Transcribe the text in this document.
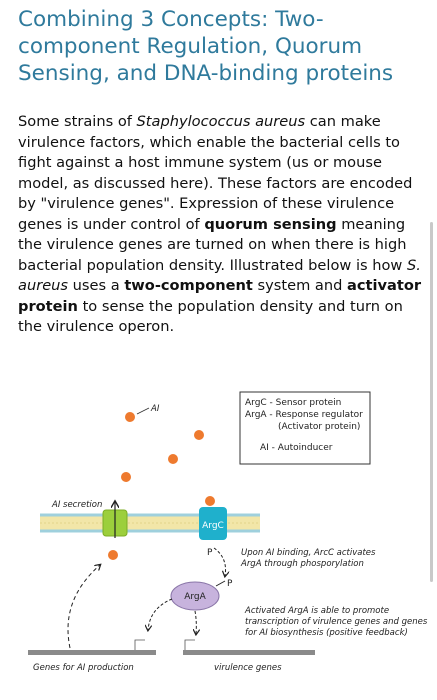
Combining 3 Concepts: Two-component Regulation, Quorum Sensing, and DNA-binding proteins

Some strains of Staphylococcus aureus can make virulence factors, which enable the bacterial cells to fight against a host immune system (us or mouse model, as discussed here). These factors are encoded by "virulence genes". Expression of these virulence genes is under control of quorum sensing meaning the virulence genes are turned on when there is high bacterial population density. Illustrated below is how S. aureus uses a two-component system and activator protein to sense the population density and turn on the virulence operon.

ArgC - Sensor protein
ArgA - Response regulator
(Activator protein)
AI - Autoinducer
AI
AI secretion
ArgC
P	Upon AI binding, ArcC activates
ArgA through phosporylation
ArgA
P
Activated ArgA is able to promote
transcription of virulence genes and genes
for AI biosynthesis (positive feedback)
Genes for AI production	virulence genes
